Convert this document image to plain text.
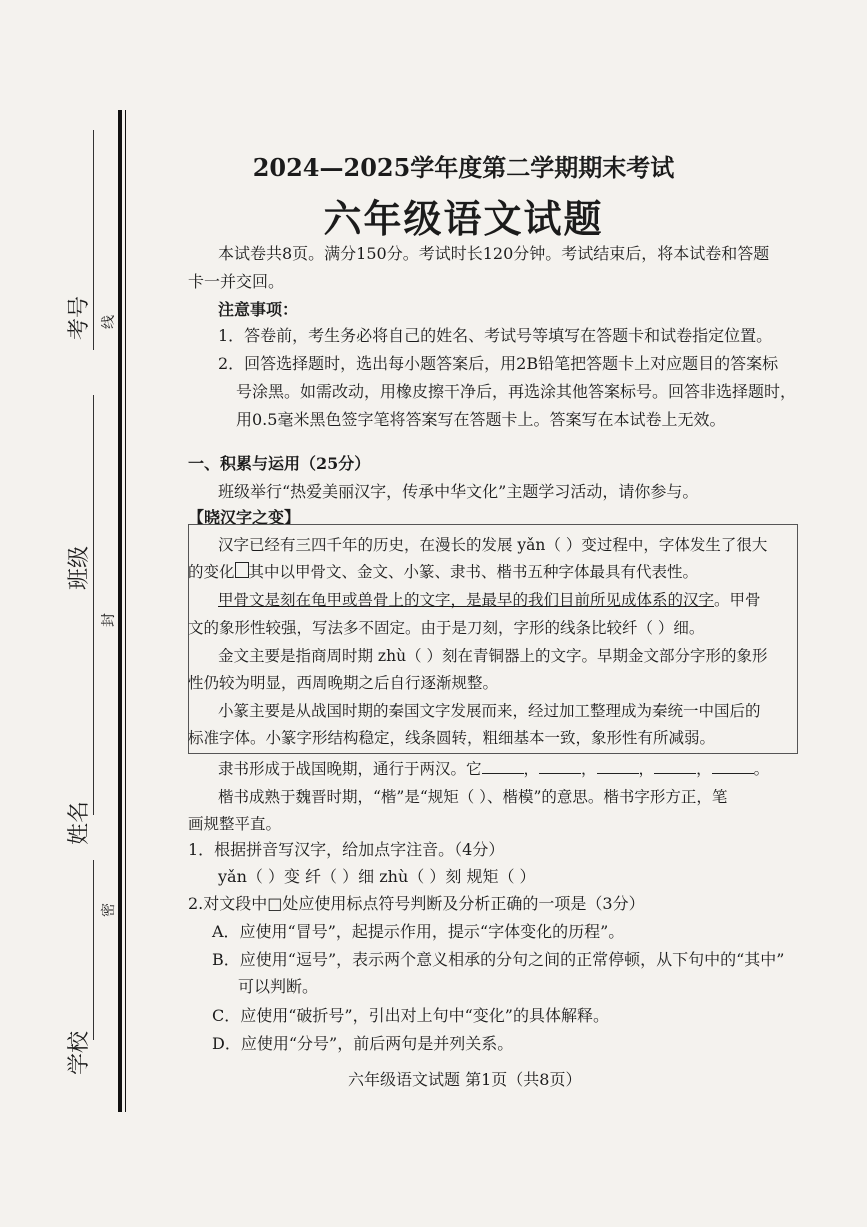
考号
班级
姓名
学校
线
封
密
2024—2025学年度第二学期期末考试
六年级语文试题
本试卷共8页。满分150分。考试时长120分钟。考试结束后，将本试卷和答题
卡一并交回。
注意事项：
1．答卷前，考生务必将自己的姓名、考试号等填写在答题卡和试卷指定位置。
2．回答选择题时，选出每小题答案后，用2B铅笔把答题卡上对应题目的答案标
号涂黑。如需改动，用橡皮擦干净后，再选涂其他答案标号。回答非选择题时，
用0.5毫米黑色签字笔将答案写在答题卡上。答案写在本试卷上无效。
一、积累与运用（25分）
班级举行“热爱美丽汉字，传承中华文化”主题学习活动，请你参与。
【晓汉字之变】
汉字已经有三四千年的历史，在漫长的发展 yǎn（ ）变过程中，字体发生了很大
的变化 其中以甲骨文、金文、小篆、隶书、楷书五种字体最具有代表性。
甲骨文是刻在龟甲或兽骨上的文字，是最早的我们目前所见成体系的汉字。甲骨
文的象形性较强，写法多不固定。由于是刀刻，字形的线条比较纤（ ）细。
金文主要是指商周时期 zhù（ ）刻在青铜器上的文字。早期金文部分字形的象形
性仍较为明显，西周晚期之后自行逐渐规整。
小篆主要是从战国时期的秦国文字发展而来，经过加工整理成为秦统一中国后的
标准字体。小篆字形结构稳定，线条圆转，粗细基本一致，象形性有所减弱。
隶书形成于战国晚期，通行于两汉。它	，	，	，	，	。
楷书成熟于魏晋时期，“楷”是“规矩（ ）、楷模”的意思。楷书字形方正，笔
画规整平直。
1．根据拼音写汉字，给加点字注音。（4分）
yǎn（ ）变 纤（ ）细 zhù（ ）刻 规矩（ ）
2.对文段中□处应使用标点符号判断及分析正确的一项是（3分）
A．应使用“冒号”，起提示作用，提示“字体变化的历程”。
B．应使用“逗号”，表示两个意义相承的分句之间的正常停顿，从下句中的“其中”
可以判断。
C．应使用“破折号”，引出对上句中“变化”的具体解释。
D．应使用“分号”，前后两句是并列关系。
六年级语文试题 第1页（共8页）
